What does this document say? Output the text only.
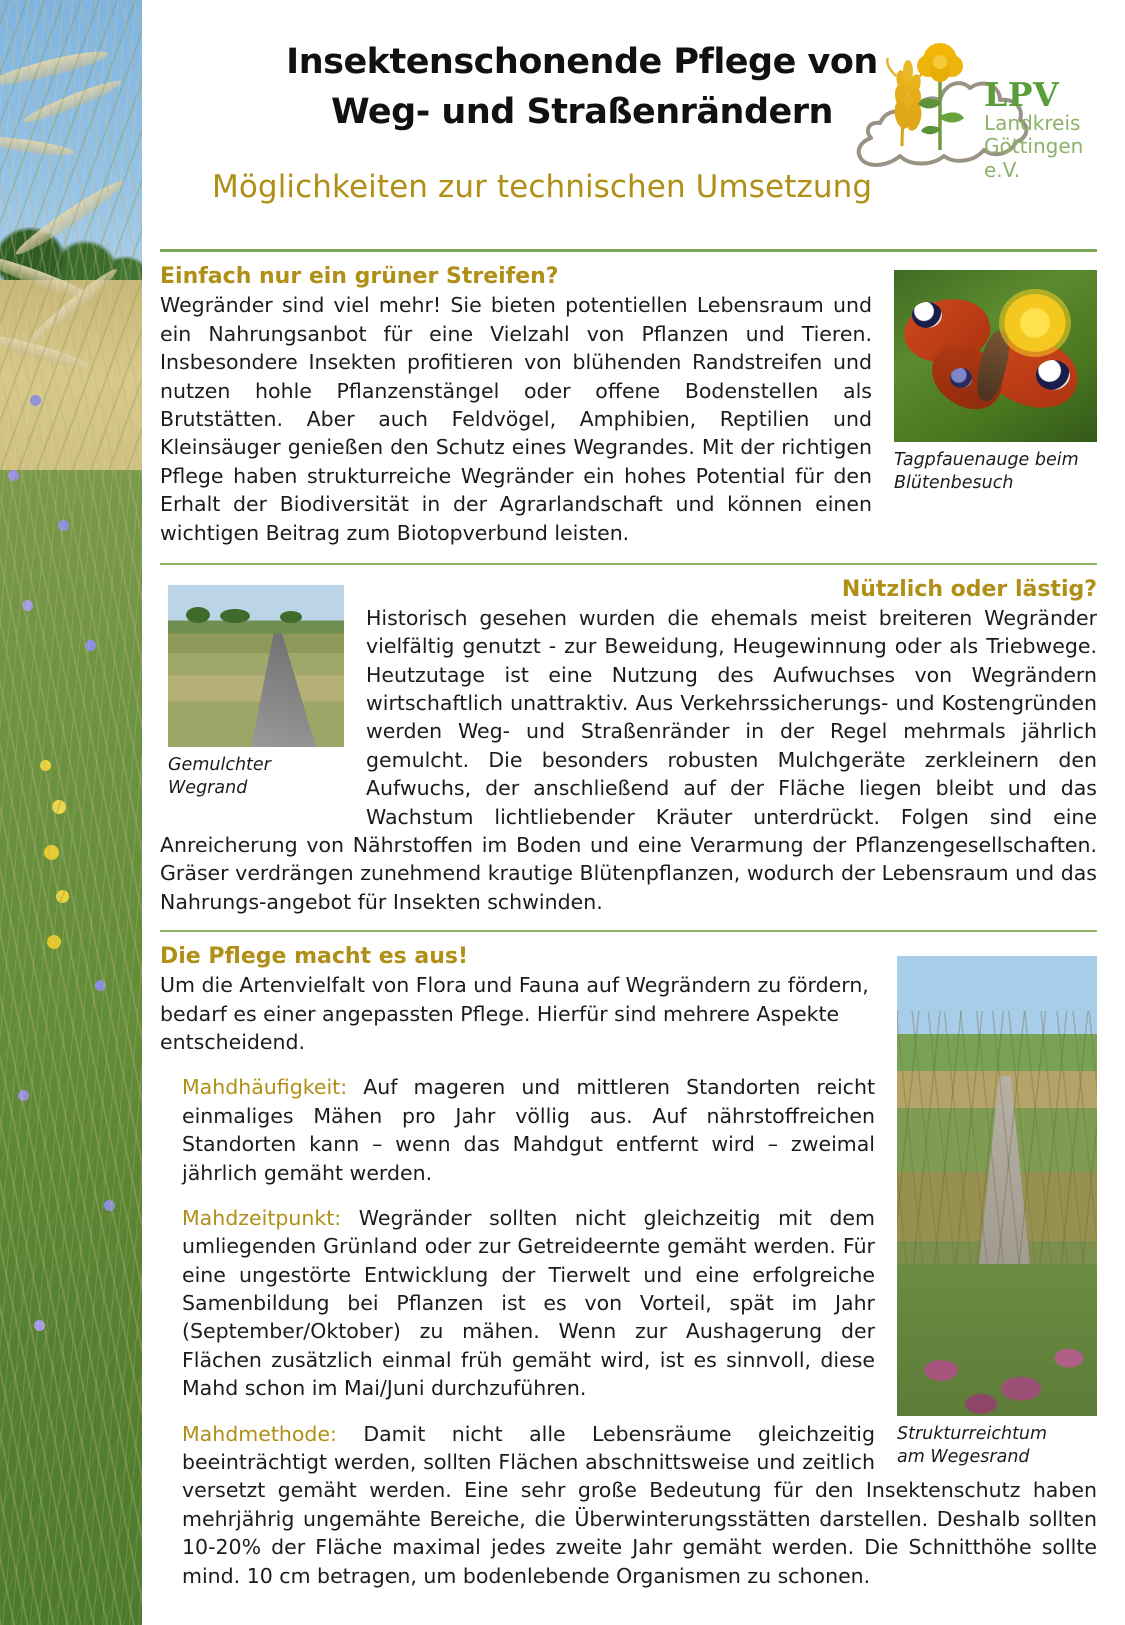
Insektenschonende Pflege von
Weg- und Straßenrändern
Möglichkeiten zur technischen Umsetzung
LPV
Landkreis
Göttingen e.V.
Tagpfauenauge beim
Blütenbesuch
Einfach nur ein grüner Streifen?

Wegränder sind viel mehr! Sie bieten potentiellen Lebensraum und ein Nahrungsanbot für eine Vielzahl von Pflanzen und Tieren. Insbesondere Insekten profitieren von blühenden Randstreifen und nutzen hohle Pflanzenstängel oder offene Bodenstellen als Brutstätten. Aber auch Feldvögel, Amphibien, Reptilien und Kleinsäuger genießen den Schutz eines Wegrandes. Mit der richtigen Pflege haben strukturreiche Wegränder ein hohes Potential für den Erhalt der Biodiversität in der Agrarlandschaft und können einen wichtigen Beitrag zum Biotopverbund leisten.

Gemulchter Wegrand
Nützlich oder lästig?

Historisch gesehen wurden die ehemals meist breiteren Wegränder vielfältig genutzt - zur Beweidung, Heugewinnung oder als Triebwege. Heutzutage ist eine Nutzung des Aufwuchses von Wegrändern wirtschaftlich unattraktiv. Aus Verkehrssicherungs- und Kostengründen werden Weg- und Straßenränder in der Regel mehrmals jährlich gemulcht. Die besonders robusten Mulchgeräte zerkleinern den Aufwuchs, der anschließend auf der Fläche liegen bleibt und das Wachstum lichtliebender Kräuter unterdrückt. Folgen sind eine Anreicherung von Nährstoffen im Boden und eine Verarmung der Pflanzengesellschaften. Gräser verdrängen zunehmend krautige Blütenpflanzen, wodurch der Lebensraum und das Nahrungs-angebot für Insekten schwinden.

Strukturreichtum
am Wegesrand
Die Pflege macht es aus!

Um die Artenvielfalt von Flora und Fauna auf Wegrändern zu fördern, bedarf es einer angepassten Pflege. Hierfür sind mehrere Aspekte entscheidend.

Mahdhäufigkeit: Auf mageren und mittleren Standorten reicht einmaliges Mähen pro Jahr völlig aus. Auf nährstoffreichen Standorten kann – wenn das Mahdgut entfernt wird – zweimal jährlich gemäht werden.

Mahdzeitpunkt: Wegränder sollten nicht gleichzeitig mit dem umliegenden Grünland oder zur Getreideernte gemäht werden. Für eine ungestörte Entwicklung der Tierwelt und eine erfolgreiche Samenbildung bei Pflanzen ist es von Vorteil, spät im Jahr (September/Oktober) zu mähen. Wenn zur Aushagerung der Flächen zusätzlich einmal früh gemäht wird, ist es sinnvoll, diese Mahd schon im Mai/Juni durchzuführen.

Mahdmethode: Damit nicht alle Lebensräume gleichzeitig beeinträchtigt werden, sollten Flächen abschnittsweise und zeitlich versetzt gemäht werden. Eine sehr große Bedeutung für den Insektenschutz haben mehrjährig ungemähte Bereiche, die Überwinterungsstätten darstellen. Deshalb sollten 10-20% der Fläche maximal jedes zweite Jahr gemäht werden. Die Schnitthöhe sollte mind. 10 cm betragen, um bodenlebende Organismen zu schonen.
